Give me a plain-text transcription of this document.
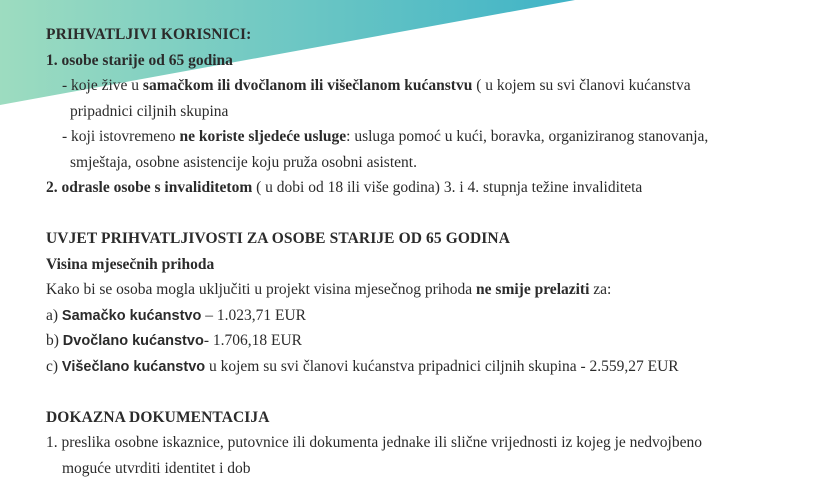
PRIHVATLJIVI KORISNICI:
1. osobe starije od 65 godina
- koje žive u samačkom ili dvočlanom ili višečlanom kućanstvu ( u kojem su svi članovi kućanstva
pripadnici ciljnih skupina
- koji istovremeno ne koriste sljedeće usluge: usluga pomoć u kući, boravka, organiziranog stanovanja,
smještaja, osobne asistencije koju pruža osobni asistent.
2. odrasle osobe s invaliditetom ( u dobi od 18 ili više godina) 3. i 4. stupnja težine invaliditeta
UVJET PRIHVATLJIVOSTI ZA OSOBE STARIJE OD 65 GODINA
Visina mjesečnih prihoda
Kako bi se osoba mogla uključiti u projekt visina mjesečnog prihoda ne smije prelaziti za:
a) Samačko kućanstvo – 1.023,71 EUR
b) Dvočlano kućanstvo- 1.706,18 EUR
c) Višečlano kućanstvo u kojem su svi članovi kućanstva pripadnici ciljnih skupina - 2.559,27 EUR
DOKAZNA DOKUMENTACIJA
1. preslika osobne iskaznice, putovnice ili dokumenta jednake ili slične vrijednosti iz kojeg je nedvojbeno
moguće utvrditi identitet i dob
